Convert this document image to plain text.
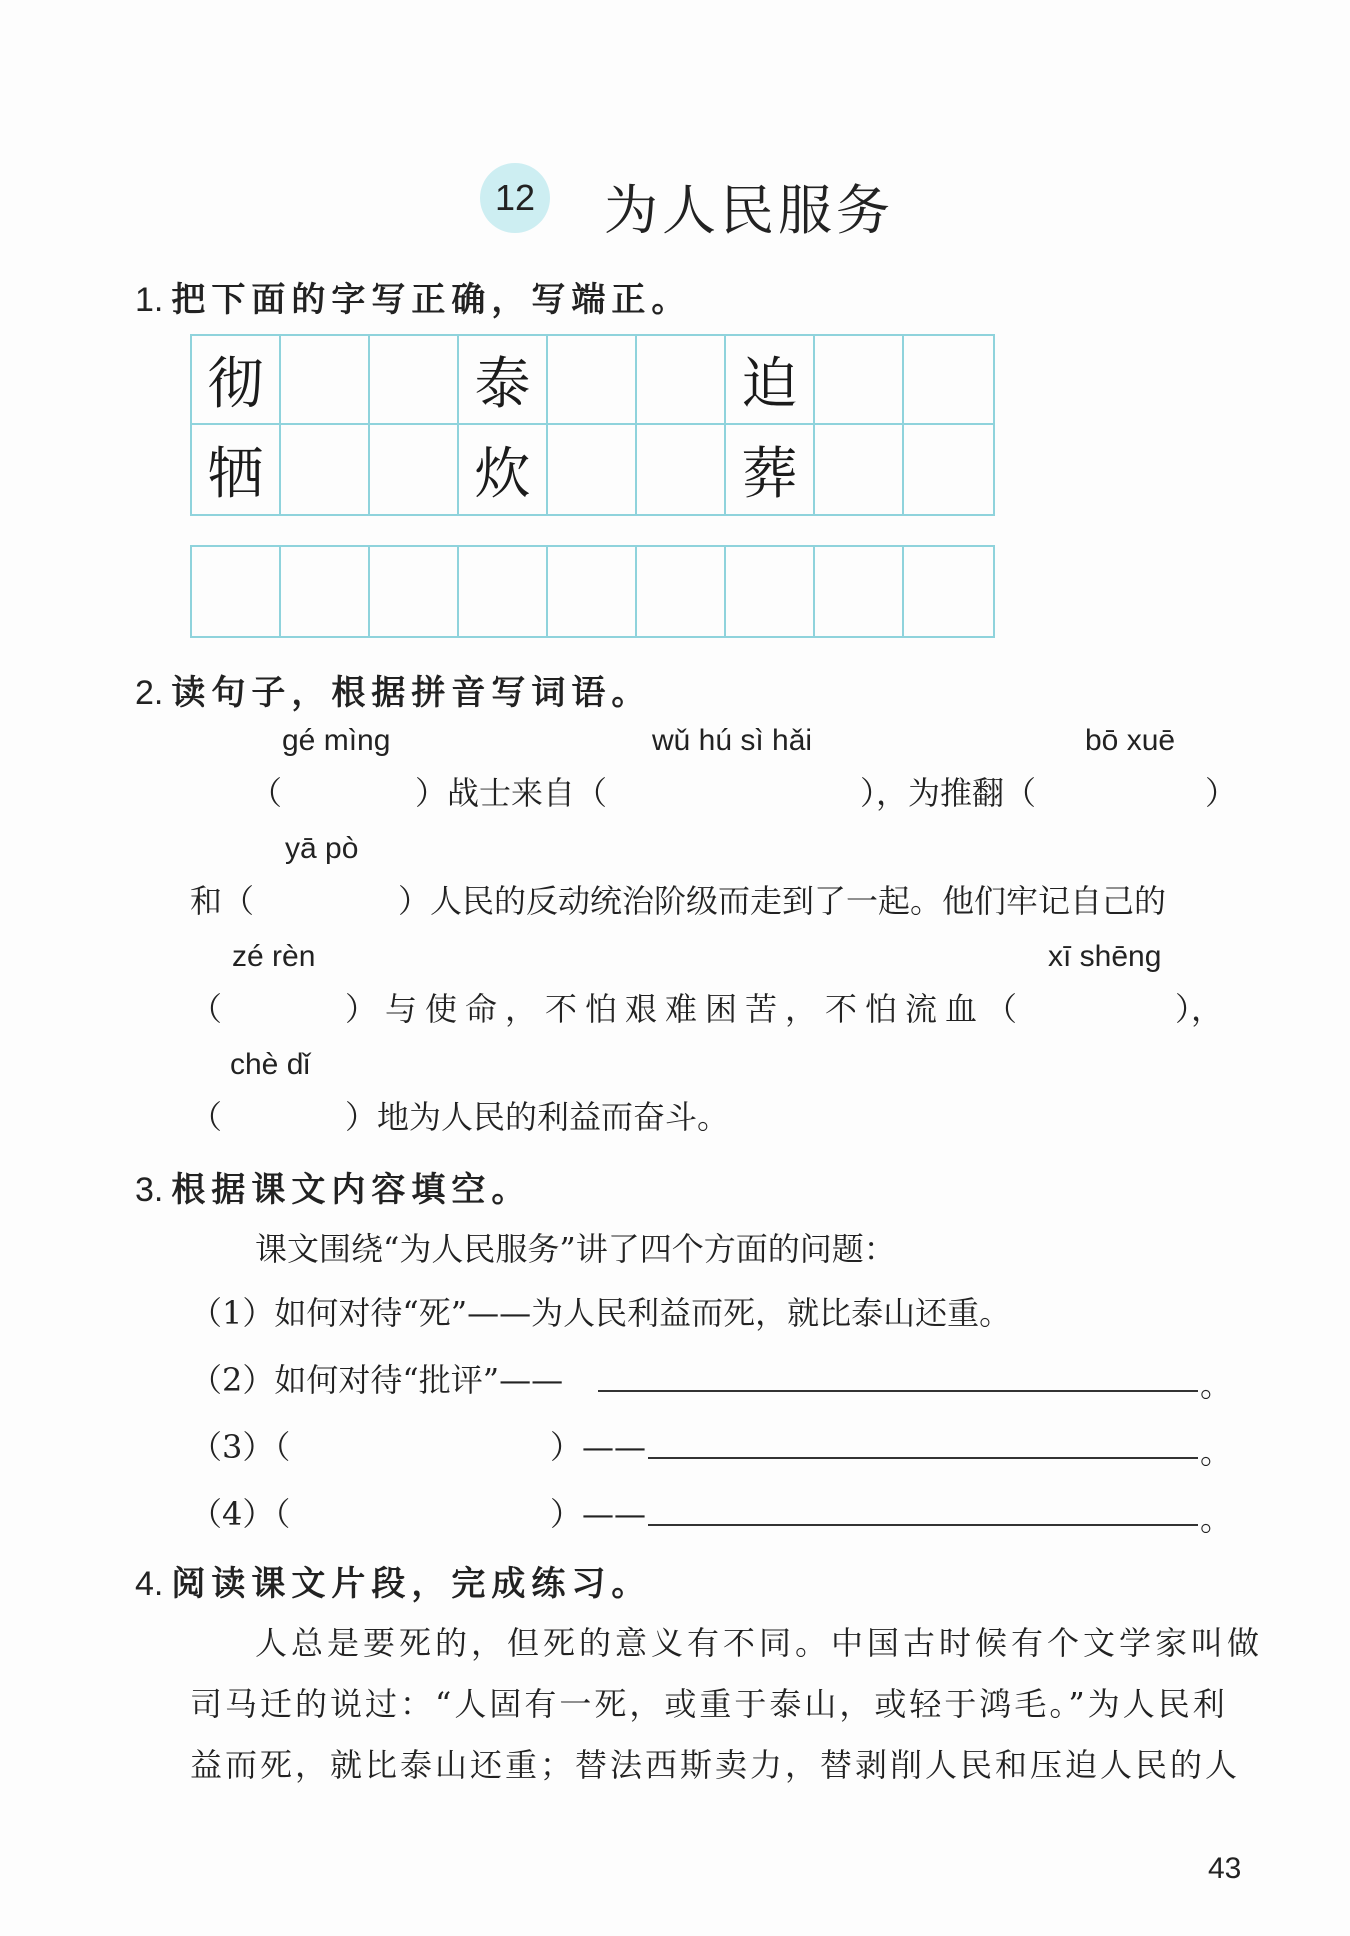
12 为人民服务
1. 把下面的字写正确，写端正。
彻	泰	迫
牺	炊	葬
2. 读句子，根据拼音写词语。
gé mìng	wǔ hú sì hǎi	bō xuē
（	）战士来自（	），为推翻（	）
yā pò
和（	）人民的反动统治阶级而走到了一起。他们牢记自己的
zé rèn	xī shēng
（	）与使命，不怕艰难困苦，不怕流血（	），
chè dǐ
（	）地为人民的利益而奋斗。
3. 根据课文内容填空。
课文围绕“为人民服务”讲了四个方面的问题：
（1）如何对待“死”——为人民利益而死，就比泰山还重。
（2）如何对待“批评”——	。
（3）（	）——	。
（4）（	）——	。
4. 阅读课文片段，完成练习。
人总是要死的，但死的意义有不同。中国古时候有个文学家叫做
司马迁的说过：“人固有一死，或重于泰山，或轻于鸿毛。”为人民利
益而死，就比泰山还重；替法西斯卖力，替剥削人民和压迫人民的人
43
